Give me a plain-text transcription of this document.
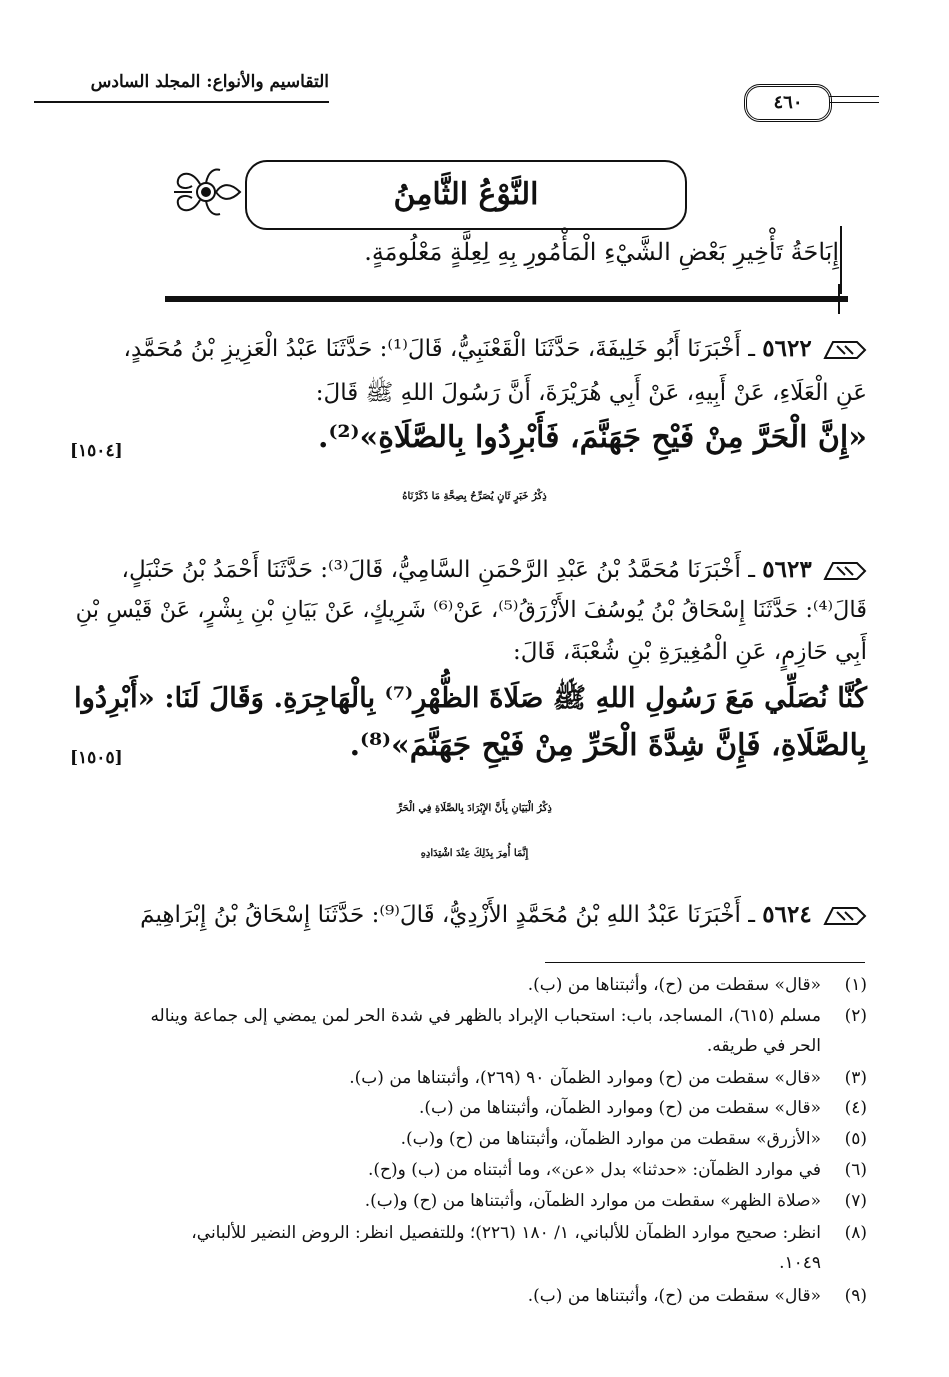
التقاسيم والأنواع: المجلد السادس
٤٦٠
النَّوْعُ الثَّامِنُ
إِبَاحَةُ تَأْخِيرِ بَعْضِ الشَّيْءِ الْمَأْمُورِ بِهِ لِعِلَّةٍ مَعْلُومَةٍ.
٥٦٢٢ ـ أَخْبَرَنَا أَبُو خَلِيفَةَ، حَدَّثَنَا الْقَعْنَبِيُّ، قَالَ⁽¹⁾: حَدَّثَنَا عَبْدُ الْعَزِيزِ بْنُ مُحَمَّدٍ،
عَنِ الْعَلَاءِ، عَنْ أَبِيهِ، عَنْ أَبِي هُرَيْرَةَ، أَنَّ رَسُولَ اللهِ ﷺ قَالَ:
«إِنَّ الْحَرَّ مِنْ فَيْحِ جَهَنَّمَ، فَأَبْرِدُوا بِالصَّلَاةِ»⁽²⁾.
[١٥٠٤]
ذِكْرُ خَبَرٍ ثَانٍ يُصَرِّحُ بِصِحَّةِ مَا ذَكَرْنَاهُ
٥٦٢٣ ـ أَخْبَرَنَا مُحَمَّدُ بْنُ عَبْدِ الرَّحْمَنِ السَّامِيُّ، قَالَ⁽³⁾: حَدَّثَنَا أَحْمَدُ بْنُ حَنْبَلٍ،
قَالَ⁽⁴⁾: حَدَّثَنَا إِسْحَاقُ بْنُ يُوسُفَ الأَزْرَقُ⁽⁵⁾، عَنْ⁽⁶⁾ شَرِيكٍ، عَنْ بَيَانِ بْنِ بِشْرٍ، عَنْ قَيْسِ بْنِ
أَبِي حَازِمٍ، عَنِ الْمُغِيرَةِ بْنِ شُعْبَةَ، قَالَ:
كُنَّا نُصَلِّي مَعَ رَسُولِ اللهِ ﷺ صَلَاةَ الظُّهْرِ⁽⁷⁾ بِالْهَاجِرَةِ. وَقَالَ لَنَا: «أَبْرِدُوا
بِالصَّلَاةِ، فَإِنَّ شِدَّةَ الْحَرِّ مِنْ فَيْحِ جَهَنَّمَ»⁽⁸⁾.
[١٥٠٥]
ذِكْرُ الْبَيَانِ بِأَنَّ الإِبْرَادَ بِالصَّلَاةِ فِي الْحَرِّ
إِنَّمَا أُمِرَ بِذَلِكَ عِنْدَ اشْتِدَادِهِ
٥٦٢٤ ـ أَخْبَرَنَا عَبْدُ اللهِ بْنُ مُحَمَّدٍ الأَزْدِيُّ، قَالَ⁽⁹⁾: حَدَّثَنَا إِسْحَاقُ بْنُ إِبْرَاهِيمَ
(١)
«قال» سقطت من (ح)، وأثبتناها من (ب).
(٢)
مسلم (٦١٥)، المساجد، باب: استحباب الإبراد بالظهر في شدة الحر لمن يمضي إلى جماعة ويناله
الحر في طريقه.
(٣)
«قال» سقطت من (ح) وموارد الظمآن ٩٠ (٢٦٩)، وأثبتناها من (ب).
(٤)
«قال» سقطت من (ح) وموارد الظمآن، وأثبتناها من (ب).
(٥)
«الأزرق» سقطت من موارد الظمآن، وأثبتناها من (ح) و(ب).
(٦)
في موارد الظمآن: «حدثنا» بدل «عن»، وما أثبتناه من (ب) و(ح).
(٧)
«صلاة الظهر» سقطت من موارد الظمآن، وأثبتناها من (ح) و(ب).
(٨)
انظر: صحيح موارد الظمآن للألباني، ١/ ١٨٠ (٢٢٦)؛ وللتفصيل انظر: الروض النضير للألباني،
١٠٤٩.
(٩)
«قال» سقطت من (ح)، وأثبتناها من (ب).
